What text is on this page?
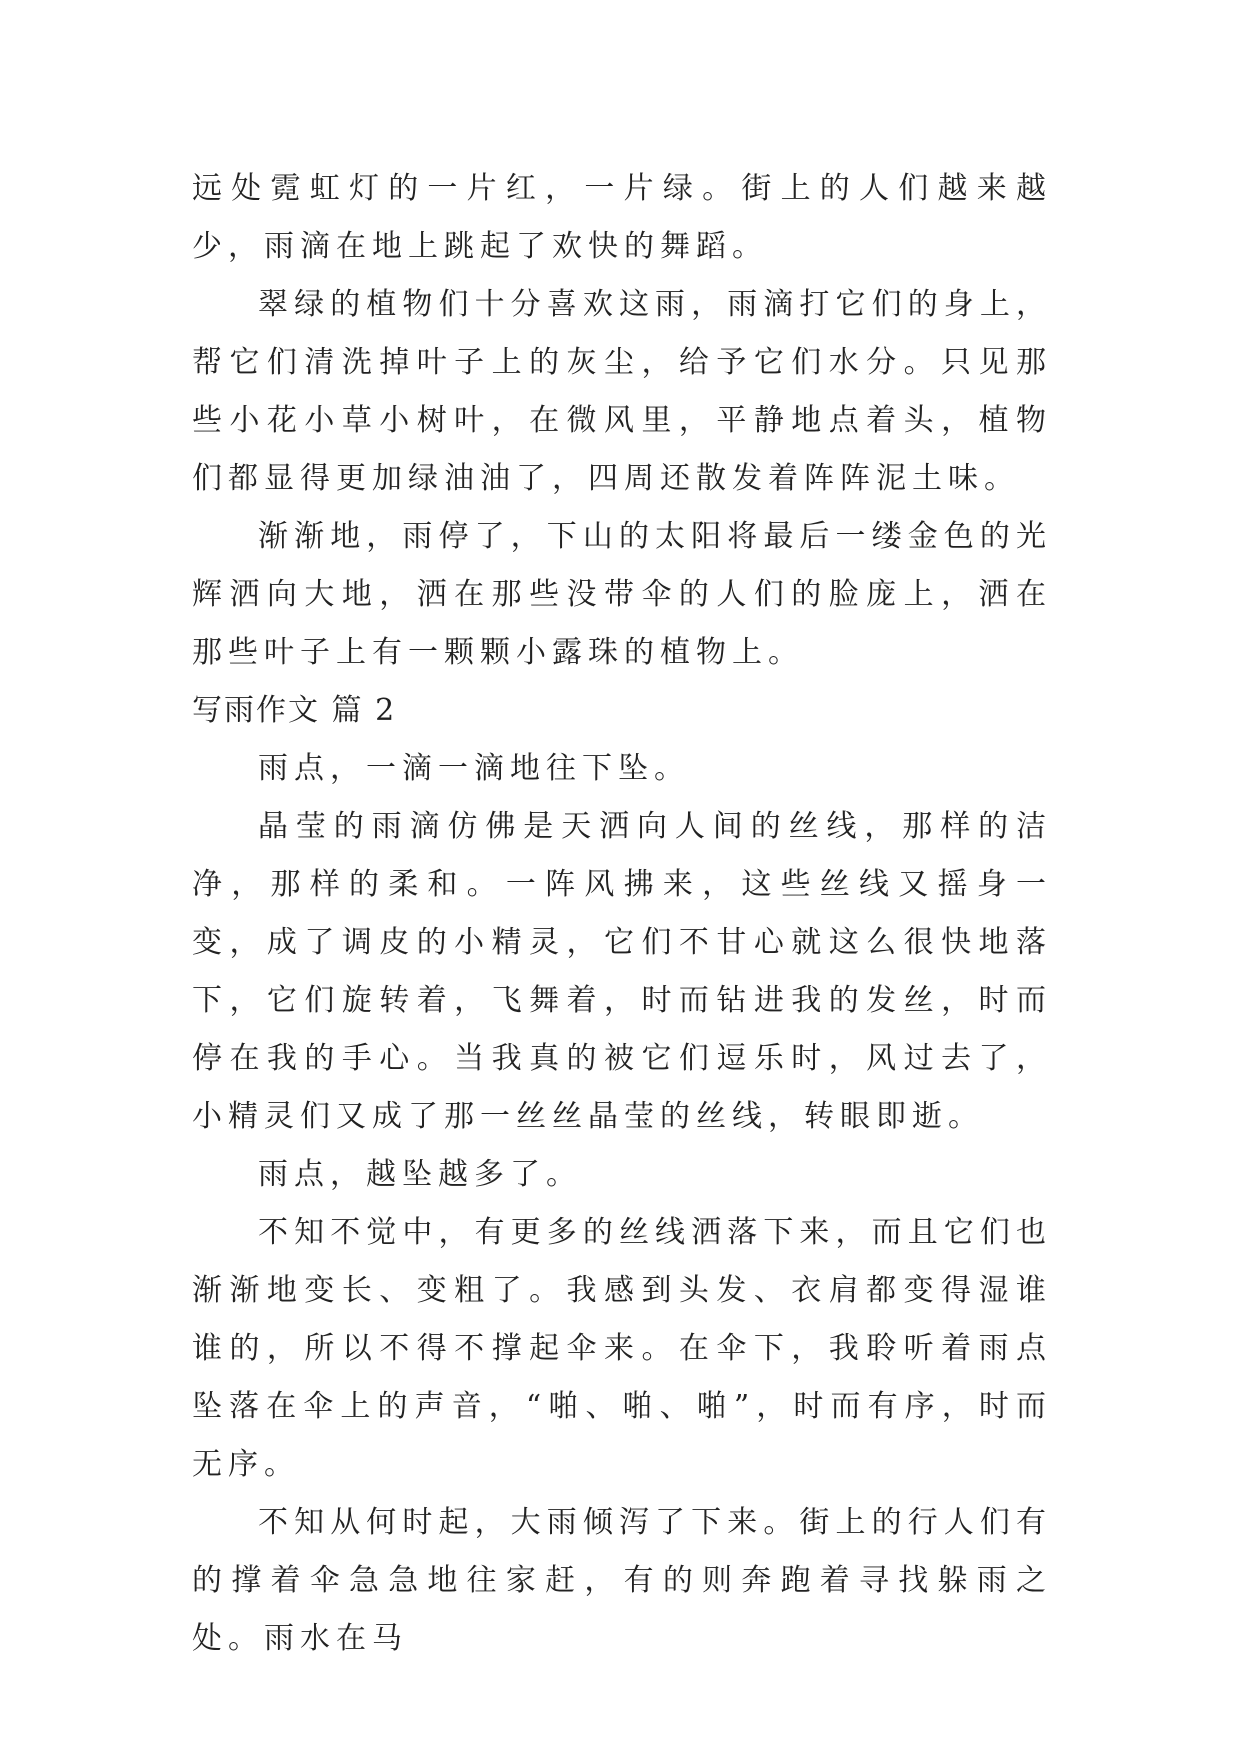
远处霓虹灯的一片红，一片绿。街上的人们越来越少，雨滴在地上跳起了欢快的舞蹈。

翠绿的植物们十分喜欢这雨，雨滴打它们的身上，帮它们清洗掉叶子上的灰尘，给予它们水分。只见那些小花小草小树叶，在微风里，平静地点着头，植物们都显得更加绿油油了，四周还散发着阵阵泥土味。

渐渐地，雨停了，下山的太阳将最后一缕金色的光辉洒向大地，洒在那些没带伞的人们的脸庞上，洒在那些叶子上有一颗颗小露珠的植物上。

写雨作文 篇 2

雨点，一滴一滴地往下坠。

晶莹的雨滴仿佛是天洒向人间的丝线，那样的洁净，那样的柔和。一阵风拂来，这些丝线又摇身一变，成了调皮的小精灵，它们不甘心就这么很快地落下，它们旋转着，飞舞着，时而钻进我的发丝，时而停在我的手心。当我真的被它们逗乐时，风过去了，小精灵们又成了那一丝丝晶莹的丝线，转眼即逝。

雨点，越坠越多了。

不知不觉中，有更多的丝线洒落下来，而且它们也渐渐地变长、变粗了。我感到头发、衣肩都变得湿谁谁的，所以不得不撑起伞来。在伞下，我聆听着雨点坠落在伞上的声音，“啪、啪、啪”，时而有序，时而无序。

不知从何时起，大雨倾泻了下来。街上的行人们有的撑着伞急急地往家赶，有的则奔跑着寻找躲雨之处。雨水在马
